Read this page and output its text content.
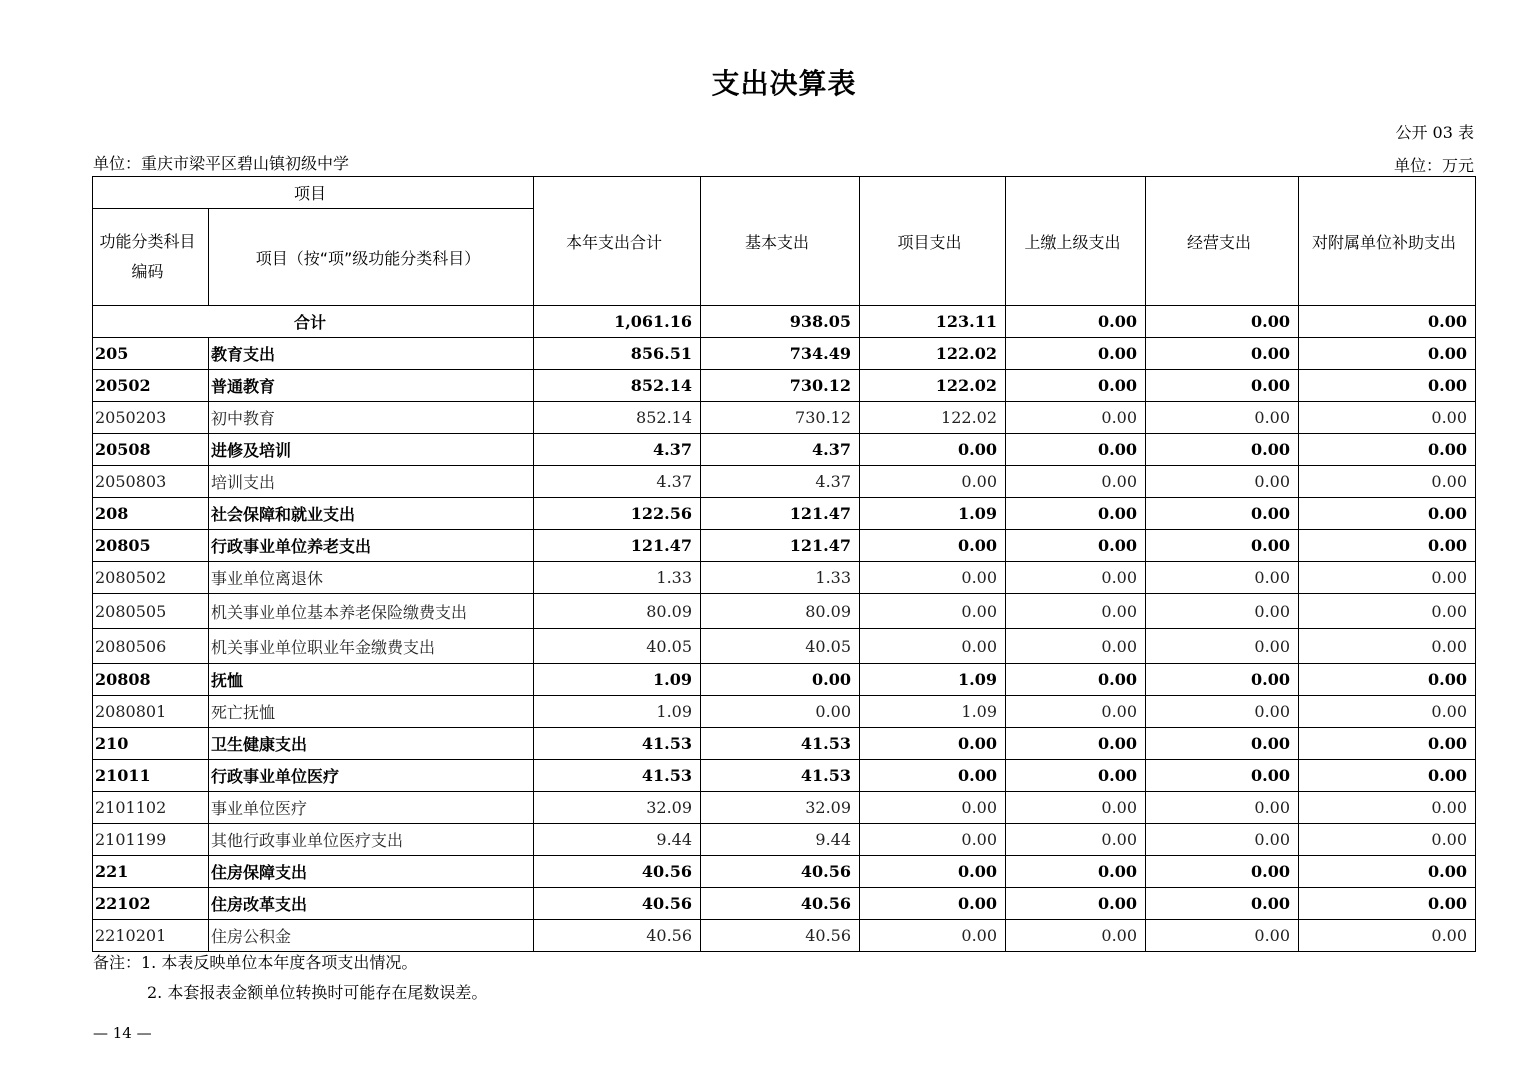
支出决算表
公开 03 表
单位：重庆市梁平区碧山镇初级中学	单位：万元
项目		本年支出合计	基本支出	项目支出	上缴上级支出	经营支出	对附属单位补助支出
功能分类科目编码	项目（按“项”级功能分类科目）						
合计		1,061.16	938.05	123.11	0.00	0.00	0.00
205	教育支出	856.51	734.49	122.02	0.00	0.00	0.00
20502	普通教育	852.14	730.12	122.02	0.00	0.00	0.00
2050203	初中教育	852.14	730.12	122.02	0.00	0.00	0.00
20508	进修及培训	4.37	4.37	0.00	0.00	0.00	0.00
2050803	培训支出	4.37	4.37	0.00	0.00	0.00	0.00
208	社会保障和就业支出	122.56	121.47	1.09	0.00	0.00	0.00
20805	行政事业单位养老支出	121.47	121.47	0.00	0.00	0.00	0.00
2080502	事业单位离退休	1.33	1.33	0.00	0.00	0.00	0.00
2080505	机关事业单位基本养老保险缴费支出	80.09	80.09	0.00	0.00	0.00	0.00
2080506	机关事业单位职业年金缴费支出	40.05	40.05	0.00	0.00	0.00	0.00
20808	抚恤	1.09	0.00	1.09	0.00	0.00	0.00
2080801	死亡抚恤	1.09	0.00	1.09	0.00	0.00	0.00
210	卫生健康支出	41.53	41.53	0.00	0.00	0.00	0.00
21011	行政事业单位医疗	41.53	41.53	0.00	0.00	0.00	0.00
2101102	事业单位医疗	32.09	32.09	0.00	0.00	0.00	0.00
2101199	其他行政事业单位医疗支出	9.44	9.44	0.00	0.00	0.00	0.00
221	住房保障支出	40.56	40.56	0.00	0.00	0.00	0.00
22102	住房改革支出	40.56	40.56	0.00	0.00	0.00	0.00
2210201	住房公积金	40.56	40.56	0.00	0.00	0.00	0.00
备注：1. 本表反映单位本年度各项支出情况。
2. 本套报表金额单位转换时可能存在尾数误差。
— 14 —
